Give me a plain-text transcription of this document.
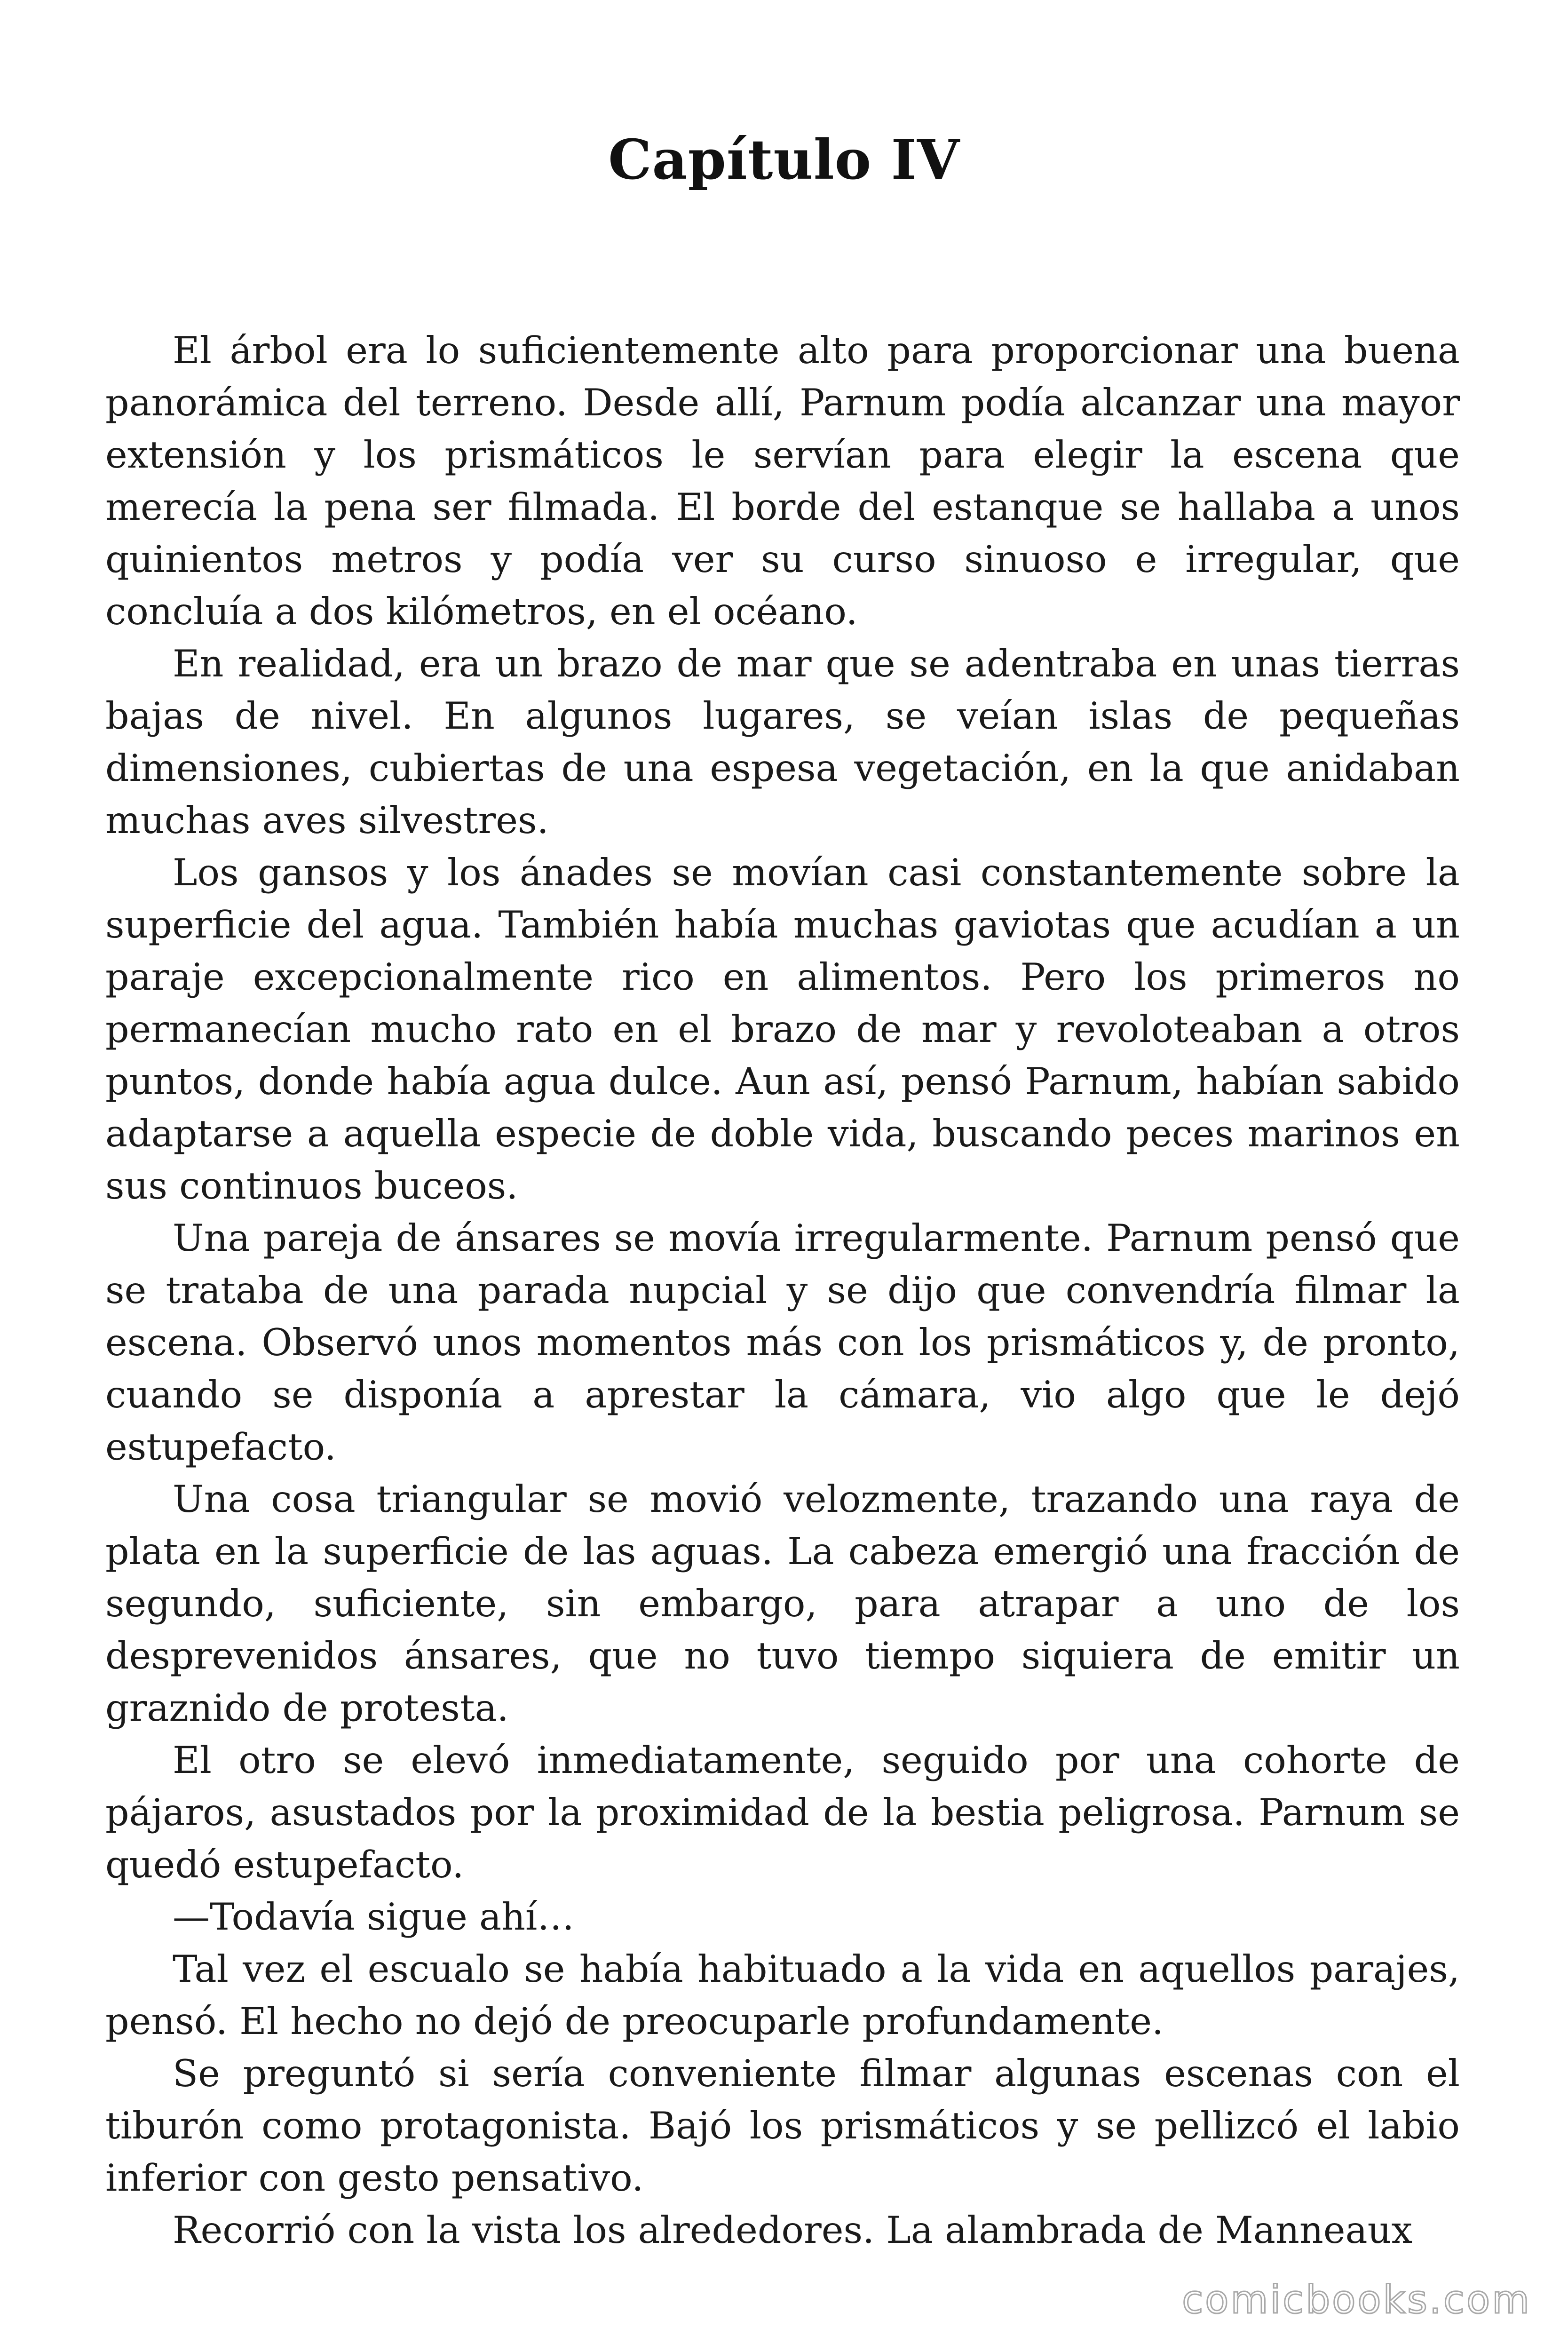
Capítulo IV

El árbol era lo suficientemente alto para proporcionar una buena panorámica del terreno. Desde allí, Parnum podía alcanzar una mayor extensión y los prismáticos le servían para elegir la escena que merecía la pena ser filmada. El borde del estanque se hallaba a unos quinientos metros y podía ver su curso sinuoso e irregular, que concluía a dos kilómetros, en el océano.

En realidad, era un brazo de mar que se adentraba en unas tierras bajas de nivel. En algunos lugares, se veían islas de pequeñas dimensiones, cubiertas de una espesa vegetación, en la que anidaban muchas aves silvestres.

Los gansos y los ánades se movían casi constantemente sobre la superficie del agua. También había muchas gaviotas que acudían a un paraje excepcionalmente rico en alimentos. Pero los primeros no permanecían mucho rato en el brazo de mar y revoloteaban a otros puntos, donde había agua dulce. Aun así, pensó Parnum, habían sabido adaptarse a aquella especie de doble vida, buscando peces marinos en sus continuos buceos.

Una pareja de ánsares se movía irregularmente. Parnum pensó que se trataba de una parada nupcial y se dijo que convendría filmar la escena. Observó unos momentos más con los prismáticos y, de pronto, cuando se disponía a aprestar la cámara, vio algo que le dejó estupefacto.

Una cosa triangular se movió velozmente, trazando una raya de plata en la superficie de las aguas. La cabeza emergió una fracción de segundo, suficiente, sin embargo, para atrapar a uno de los desprevenidos ánsares, que no tuvo tiempo siquiera de emitir un graznido de protesta.

El otro se elevó inmediatamente, seguido por una cohorte de pájaros, asustados por la proximidad de la bestia peligrosa. Parnum se quedó estupefacto.

—Todavía sigue ahí…

Tal vez el escualo se había habituado a la vida en aquellos parajes, pensó. El hecho no dejó de preocuparle profundamente.

Se preguntó si sería conveniente filmar algunas escenas con el tiburón como protagonista. Bajó los prismáticos y se pellizcó el labio inferior con gesto pensativo.

Recorrió con la vista los alrededores. La alambrada de Manneaux

comicbooks.com
